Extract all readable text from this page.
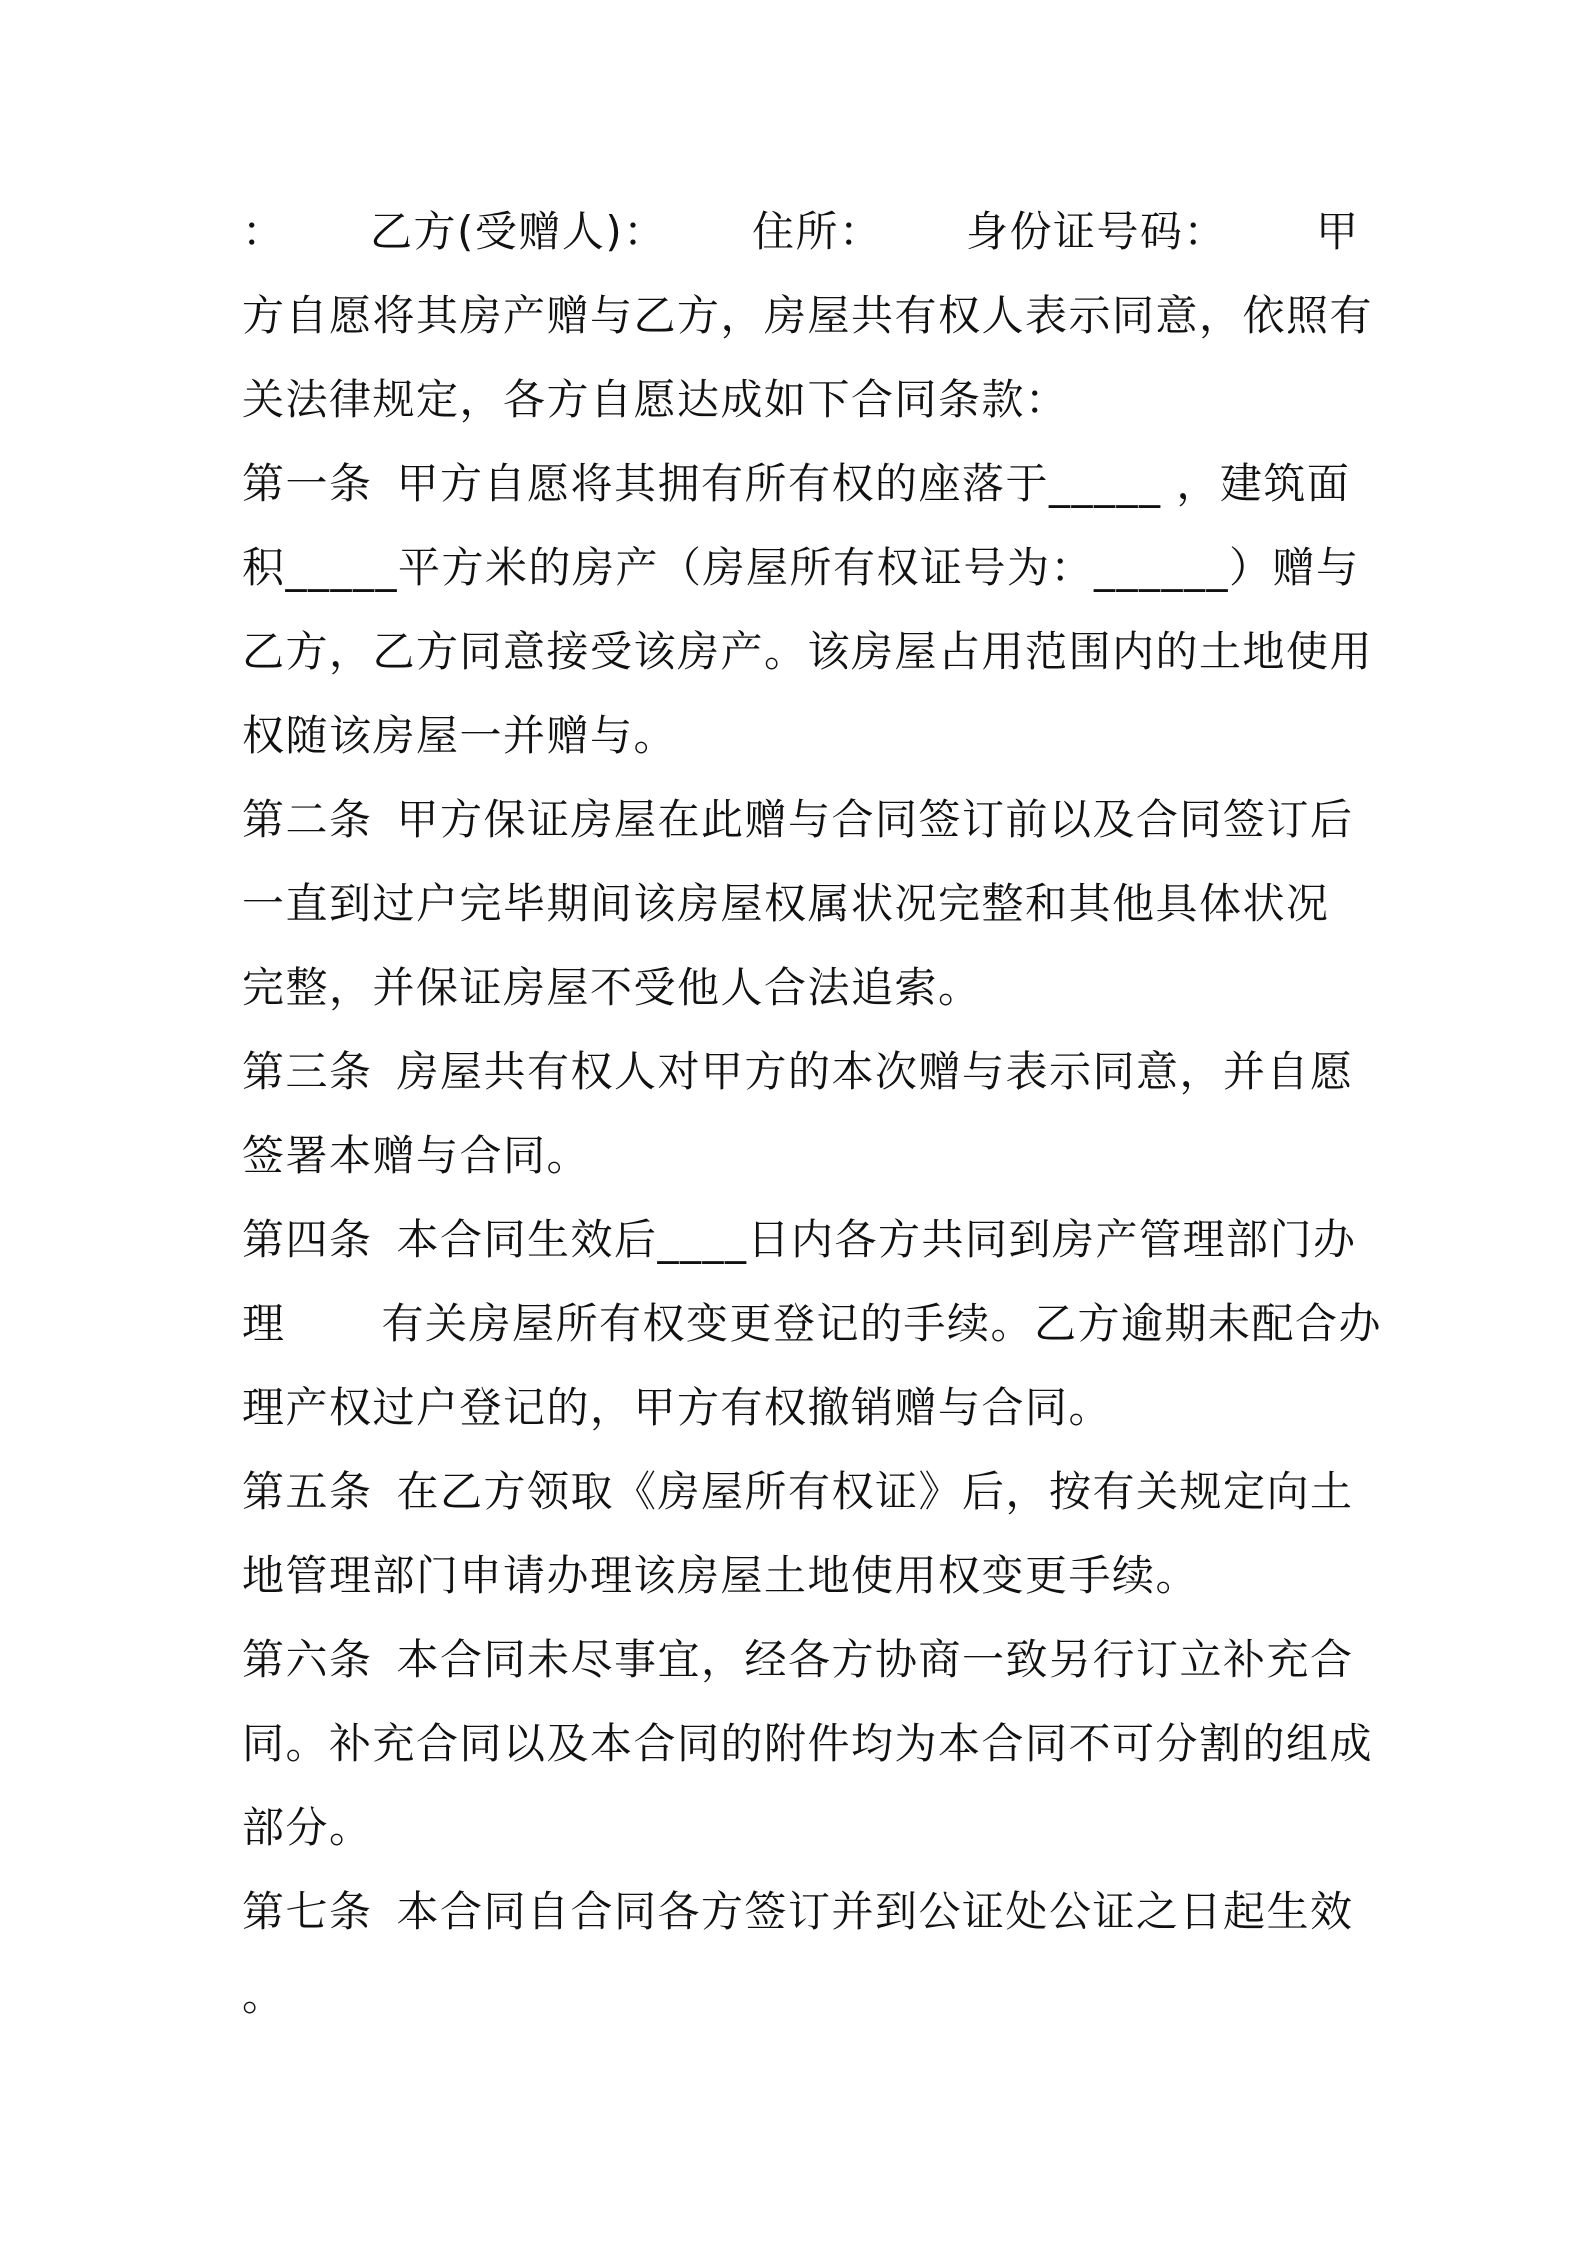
： 乙方(受赠人)： 住所： 身份证号码： 甲
方自愿将其房产赠与乙方，房屋共有权人表示同意，依照有
关法律规定，各方自愿达成如下合同条款：
第一条 甲方自愿将其拥有所有权的座落于_____ ，建筑面
积_____平方米的房产（房屋所有权证号为：______）赠与
乙方，乙方同意接受该房产。该房屋占用范围内的土地使用
权随该房屋一并赠与。
第二条 甲方保证房屋在此赠与合同签订前以及合同签订后
一直到过户完毕期间该房屋权属状况完整和其他具体状况
完整，并保证房屋不受他人合法追索。
第三条 房屋共有权人对甲方的本次赠与表示同意，并自愿
签署本赠与合同。
第四条 本合同生效后____日内各方共同到房产管理部门办
理 有关房屋所有权变更登记的手续。乙方逾期未配合办
理产权过户登记的，甲方有权撤销赠与合同。
第五条 在乙方领取《房屋所有权证》后，按有关规定向土
地管理部门申请办理该房屋土地使用权变更手续。
第六条 本合同未尽事宜，经各方协商一致另行订立补充合
同。补充合同以及本合同的附件均为本合同不可分割的组成
部分。
第七条 本合同自合同各方签订并到公证处公证之日起生效
。
